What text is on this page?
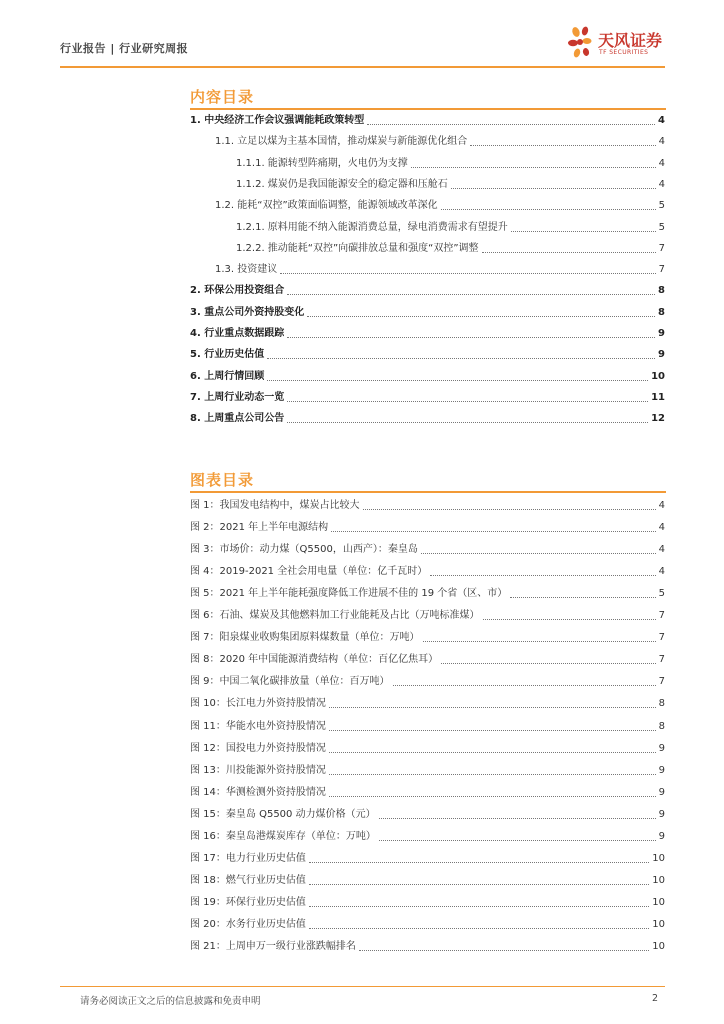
行业报告 | 行业研究周报	天风证券
TF SECURITIES
内容目录
1. 中央经济工作会议强调能耗政策转型	4
1.1. 立足以煤为主基本国情，推动煤炭与新能源优化组合	4
1.1.1. 能源转型阵痛期，火电仍为支撑	4
1.1.2. 煤炭仍是我国能源安全的稳定器和压舱石	4
1.2. 能耗“双控”政策面临调整，能源领域改革深化	5
1.2.1. 原料用能不纳入能源消费总量，绿电消费需求有望提升	5
1.2.2. 推动能耗“双控”向碳排放总量和强度“双控”调整	7
1.3. 投资建议	7
2. 环保公用投资组合	8
3. 重点公司外资持股变化	8
4. 行业重点数据跟踪	9
5. 行业历史估值	9
6. 上周行情回顾	10
7. 上周行业动态一览	11
8. 上周重点公司公告	12
图表目录
图 1：我国发电结构中，煤炭占比较大	4
图 2：2021 年上半年电源结构	4
图 3：市场价：动力煤（Q5500，山西产）：秦皇岛	4
图 4：2019-2021 全社会用电量（单位：亿千瓦时）	4
图 5：2021 年上半年能耗强度降低工作进展不佳的 19 个省（区、市）	5
图 6：石油、煤炭及其他燃料加工行业能耗及占比（万吨标准煤）	7
图 7：阳泉煤业收购集团原料煤数量（单位：万吨）	7
图 8：2020 年中国能源消费结构（单位：百亿亿焦耳）	7
图 9：中国二氧化碳排放量（单位：百万吨）	7
图 10：长江电力外资持股情况	8
图 11：华能水电外资持股情况	8
图 12：国投电力外资持股情况	9
图 13：川投能源外资持股情况	9
图 14：华测检测外资持股情况	9
图 15：秦皇岛 Q5500 动力煤价格（元）	9
图 16：秦皇岛港煤炭库存（单位：万吨）	9
图 17：电力行业历史估值	10
图 18：燃气行业历史估值	10
图 19：环保行业历史估值	10
图 20：水务行业历史估值	10
图 21：上周申万一级行业涨跌幅排名	10
请务必阅读正文之后的信息披露和免责申明	2
